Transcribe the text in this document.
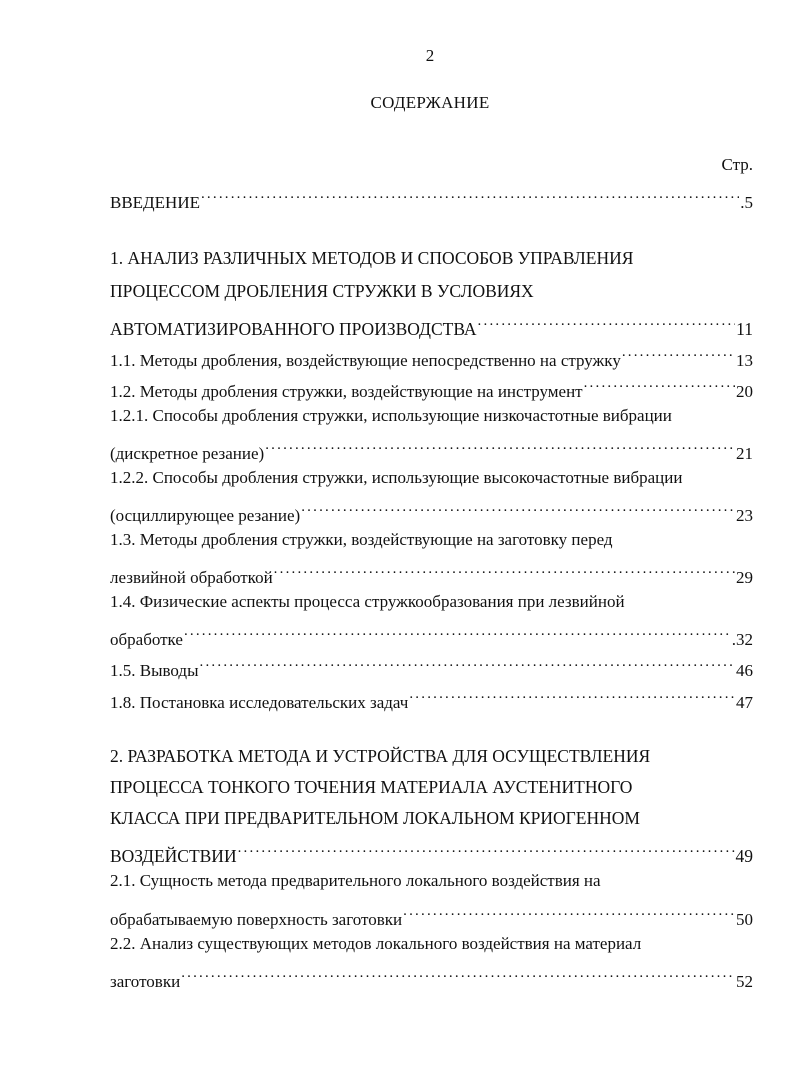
2
СОДЕРЖАНИЕ
Стр.
ВВЕДЕНИЕ .....	.5
1. АНАЛИЗ РАЗЛИЧНЫХ МЕТОДОВ И СПОСОБОВ УПРАВЛЕНИЯ
ПРОЦЕССОМ ДРОБЛЕНИЯ СТРУЖКИ В УСЛОВИЯХ
АВТОМАТИЗИРОВАННОГО ПРОИЗВОДСТВА .....	11
1.1. Методы дробления, воздействующие непосредственно на стружку .....	13
1.2. Методы дробления стружки, воздействующие на инструмент .....	20
1.2.1. Способы дробления стружки, использующие низкочастотные вибрации
(дискретное резание) .....	21
1.2.2. Способы дробления стружки, использующие высокочастотные вибрации
(осциллирующее резание) .....	23
1.3. Методы дробления стружки, воздействующие на заготовку перед
лезвийной обработкой .....	29
1.4. Физические аспекты процесса стружкообразования при лезвийной
обработке .....	.32
1.5. Выводы .....	46
1.8. Постановка исследовательских задач .....	47
2. РАЗРАБОТКА МЕТОДА И УСТРОЙСТВА ДЛЯ ОСУЩЕСТВЛЕНИЯ
ПРОЦЕССА ТОНКОГО ТОЧЕНИЯ МАТЕРИАЛА АУСТЕНИТНОГО
КЛАССА ПРИ ПРЕДВАРИТЕЛЬНОМ ЛОКАЛЬНОМ КРИОГЕННОМ
ВОЗДЕЙСТВИИ .....	49
2.1. Сущность метода предварительного локального воздействия на
обрабатываемую поверхность заготовки .....	50
2.2. Анализ существующих методов локального воздействия на материал
заготовки .....	52
